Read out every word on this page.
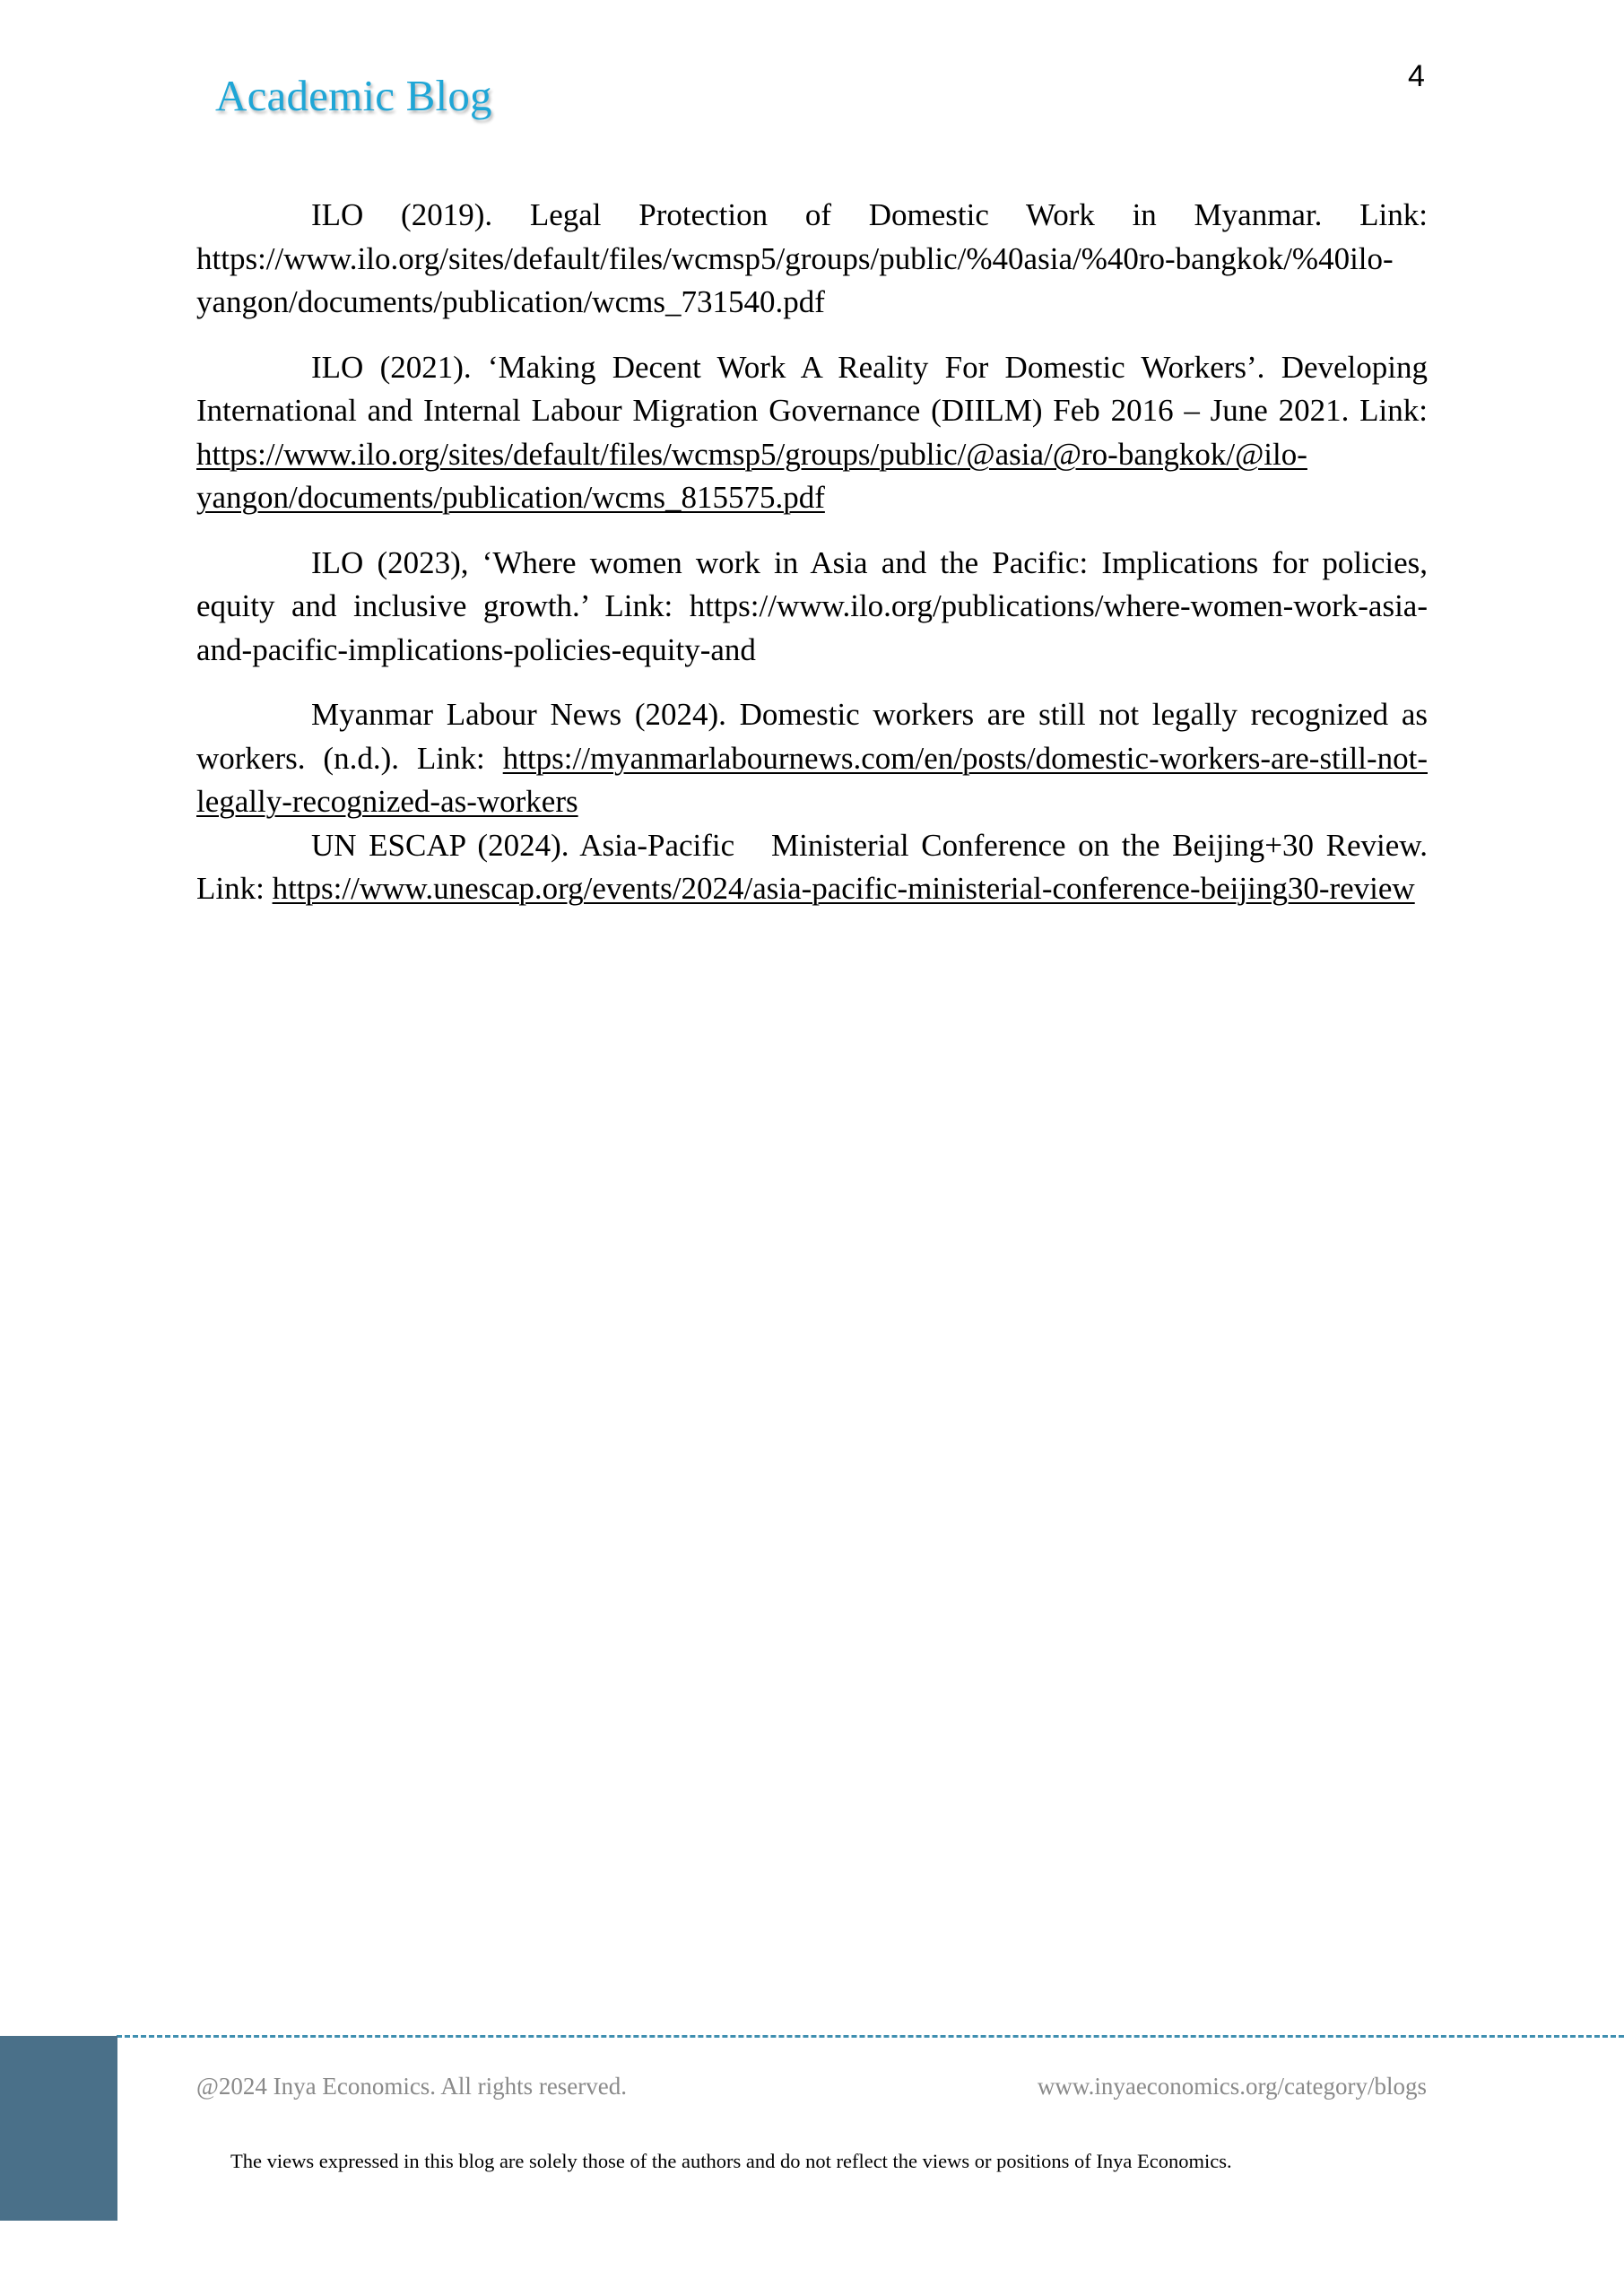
Academic Blog	4

ILO (2019). Legal Protection of Domestic Work in Myanmar. Link: https://www.ilo.org/sites/default/files/wcmsp5/groups/public/%40asia/%40ro-bangkok/%40ilo-yangon/documents/publication/wcms_731540.pdf

ILO (2021). ‘Making Decent Work A Reality For Domestic Workers’. Developing International and Internal Labour Migration Governance (DIILM) Feb 2016 – June 2021. Link: https://www.ilo.org/sites/default/files/wcmsp5/groups/public/@asia/@ro-bangkok/@ilo-yangon/documents/publication/wcms_815575.pdf

ILO (2023), ‘Where women work in Asia and the Pacific: Implications for policies, equity and inclusive growth.’ Link: https://www.ilo.org/publications/where-women-work-asia-and-pacific-implications-policies-equity-and

Myanmar Labour News (2024). Domestic workers are still not legally recognized as workers. (n.d.). Link: https://myanmarlabournews.com/en/posts/domestic-workers-are-still-not-legally-recognized-as-workers

UN ESCAP (2024). Asia-Pacific   Ministerial Conference on the Beijing+30 Review. Link: https://www.unescap.org/events/2024/asia-pacific-ministerial-conference-beijing30-review

@2024 Inya Economics. All rights reserved.	www.inyaeconomics.org/category/blogs
The views expressed in this blog are solely those of the authors and do not reflect the views or positions of Inya Economics.
